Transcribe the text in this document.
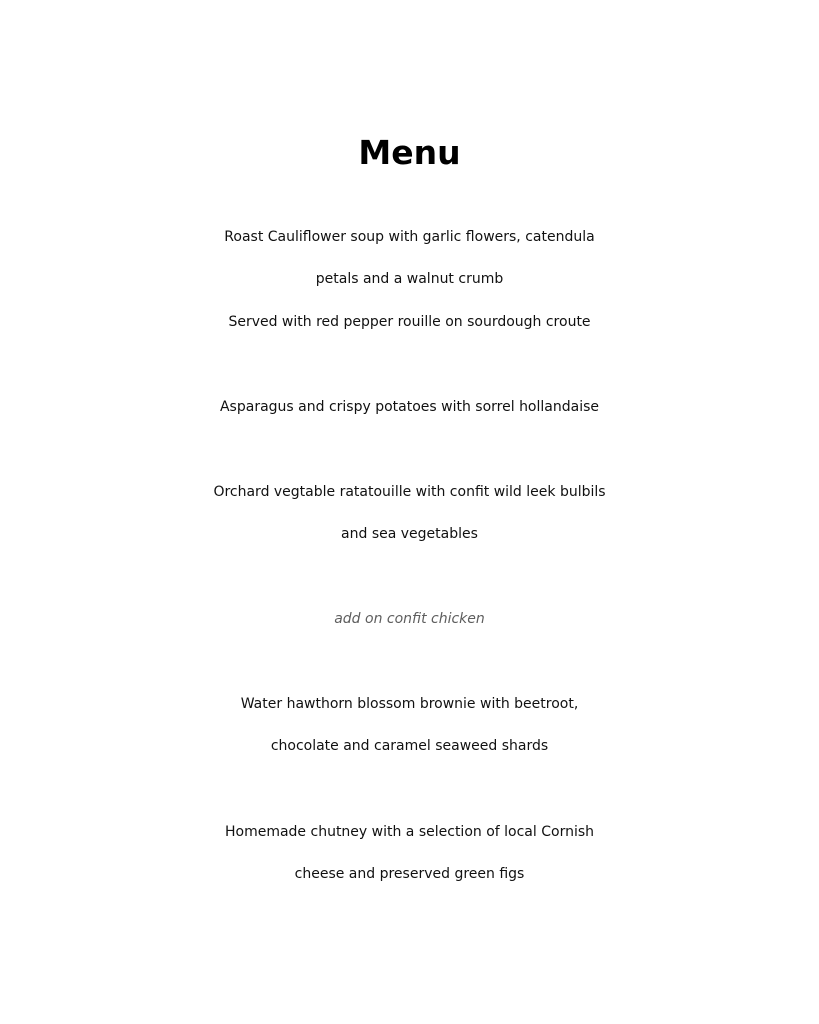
Menu
Roast Cauliflower soup with garlic flowers, catendula
petals and a walnut crumb
Served with red pepper rouille on sourdough croute
Asparagus and crispy potatoes with sorrel hollandaise
Orchard vegtable ratatouille with confit wild leek bulbils
and sea vegetables
add on confit chicken
Water hawthorn blossom brownie with beetroot,
chocolate and caramel seaweed shards
Homemade chutney with a selection of local Cornish
cheese and preserved green figs
